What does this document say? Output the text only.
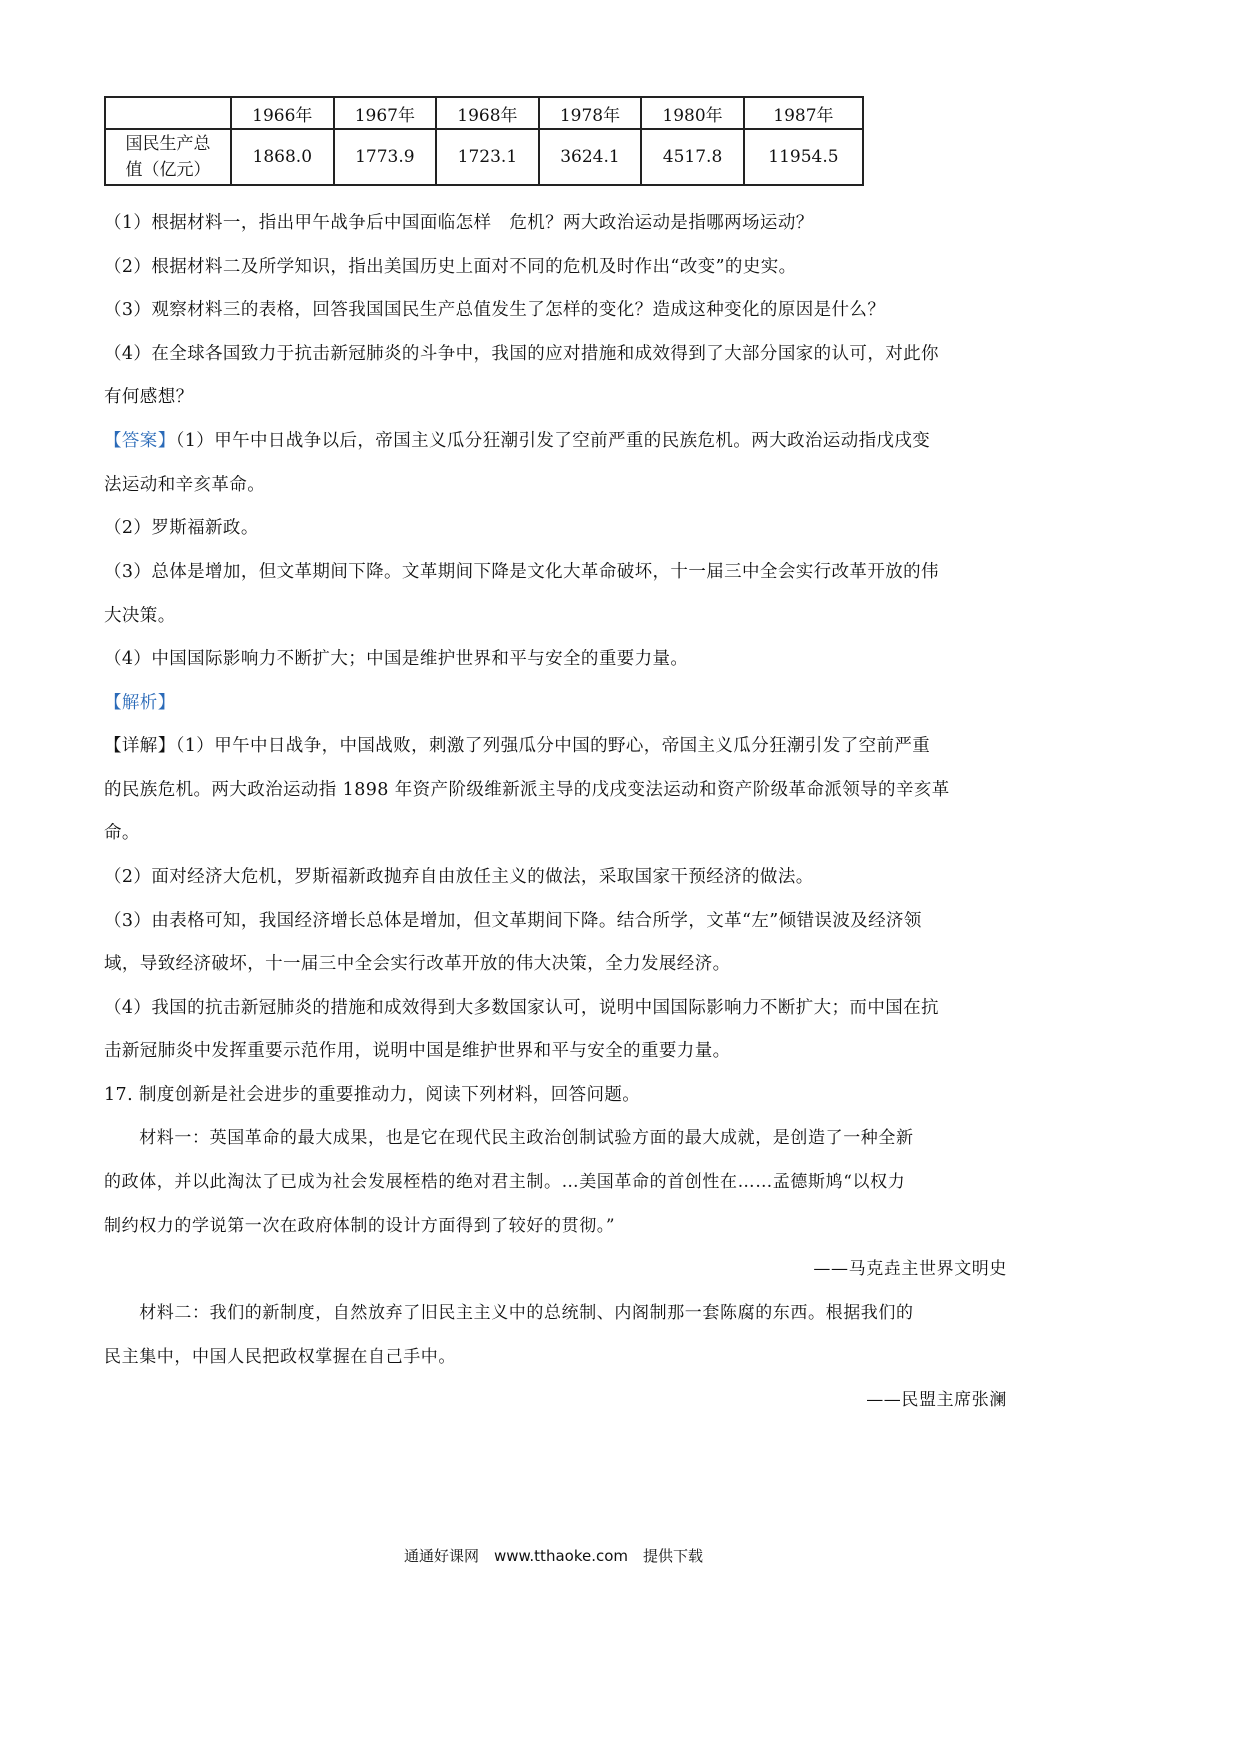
	1966年	1967年	1968年	1978年	1980年	1987年

国民生产总
值（亿元）	1868.0	1773.9	1723.1	3624.1	4517.8	11954.5
（1）根据材料一，指出甲午战争后中国面临怎样　危机？两大政治运动是指哪两场运动？
（2）根据材料二及所学知识，指出美国历史上面对不同的危机及时作出“改变”的史实。
（3）观察材料三的表格，回答我国国民生产总值发生了怎样的变化？造成这种变化的原因是什么？
（4）在全球各国致力于抗击新冠肺炎的斗争中，我国的应对措施和成效得到了大部分国家的认可，对此你
有何感想？
【答案】（1）甲午中日战争以后，帝国主义瓜分狂潮引发了空前严重的民族危机。两大政治运动指戊戌变
法运动和辛亥革命。
（2）罗斯福新政。
（3）总体是增加，但文革期间下降。文革期间下降是文化大革命破坏，十一届三中全会实行改革开放的伟
大决策。
（4）中国国际影响力不断扩大；中国是维护世界和平与安全的重要力量。
【解析】
【详解】（1）甲午中日战争，中国战败，刺激了列强瓜分中国的野心，帝国主义瓜分狂潮引发了空前严重
的民族危机。两大政治运动指 1898 年资产阶级维新派主导的戊戌变法运动和资产阶级革命派领导的辛亥革
命。
（2）面对经济大危机，罗斯福新政抛弃自由放任主义的做法，采取国家干预经济的做法。
（3）由表格可知，我国经济增长总体是增加，但文革期间下降。结合所学，文革“左”倾错误波及经济领
域，导致经济破坏，十一届三中全会实行改革开放的伟大决策，全力发展经济。
（4）我国的抗击新冠肺炎的措施和成效得到大多数国家认可，说明中国国际影响力不断扩大；而中国在抗
击新冠肺炎中发挥重要示范作用，说明中国是维护世界和平与安全的重要力量。
17. 制度创新是社会进步的重要推动力，阅读下列材料，回答问题。
　　材料一：英国革命的最大成果，也是它在现代民主政治创制试验方面的最大成就，是创造了一种全新
的政体，并以此淘汰了已成为社会发展桎梏的绝对君主制。…美国革命的首创性在……孟德斯鸠“以权力
制约权力的学说第一次在政府体制的设计方面得到了较好的贯彻。”
——马克垚主世界文明史
　　材料二：我们的新制度，自然放弃了旧民主主义中的总统制、内阁制那一套陈腐的东西。根据我们的
民主集中，中国人民把政权掌握在自己手中。
——民盟主席张澜
通通好课网　www.tthaoke.com　提供下载
